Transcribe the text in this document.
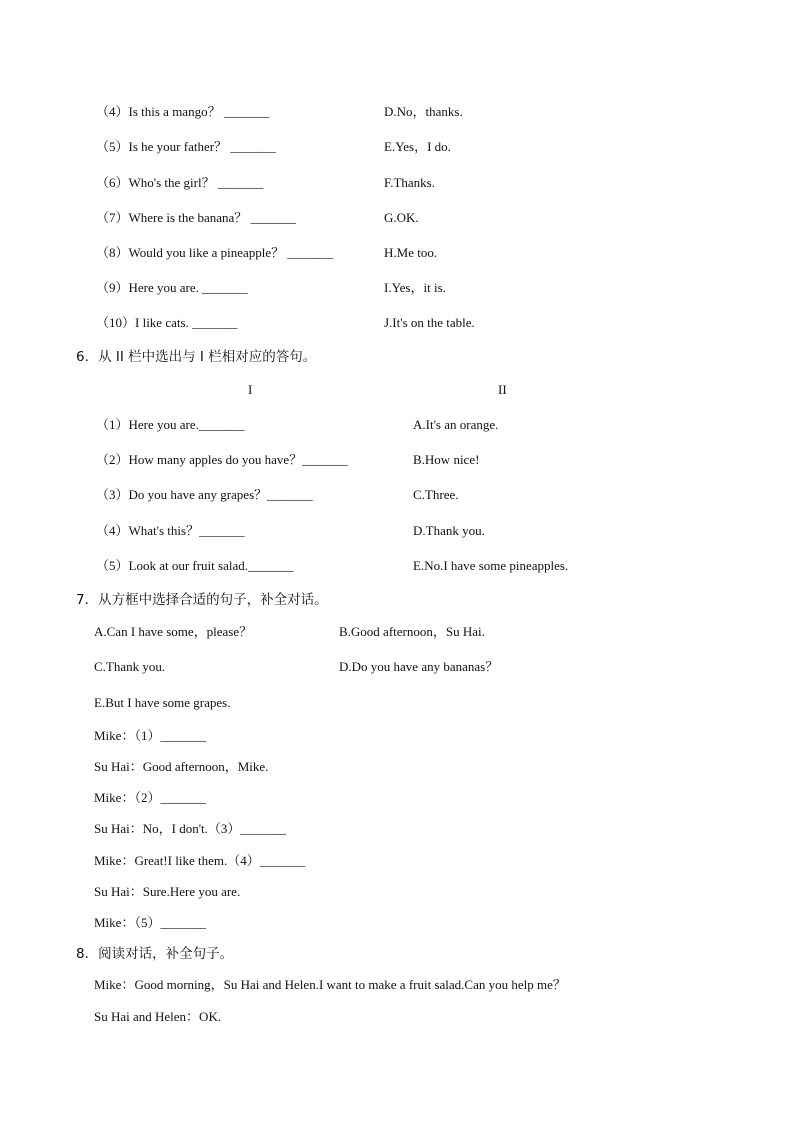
（4）Is this a mango？ _______	D.No，thanks.
（5）Is he your father？ _______	E.Yes，I do.
（6）Who's the girl？ _______	F.Thanks.
（7）Where is the banana？ _______	G.OK.
（8）Would you like a pineapple？ _______	H.Me too.
（9）Here you are. _______	I.Yes，it is.
（10）I like cats. _______	J.It's on the table.
6．从 II 栏中选出与 I 栏相对应的答句。
I	II
（1）Here you are._______	A.It's an orange.
（2）How many apples do you have？_______	B.How nice!
（3）Do you have any grapes？_______	C.Three.
（4）What's this？_______	D.Thank you.
（5）Look at our fruit salad._______	E.No.I have some pineapples.
7．从方框中选择合适的句子，补全对话。
A.Can I have some，please？	B.Good afternoon，Su Hai.
C.Thank you.	D.Do you have any bananas？
E.But I have some grapes.
Mike：（1）_______
Su Hai：Good afternoon，Mike.
Mike：（2）_______
Su Hai：No，I don't.（3）_______
Mike：Great!I like them.（4）_______
Su Hai：Sure.Here you are.
Mike：（5）_______
8．阅读对话，补全句子。
Mike：Good morning，Su Hai and Helen.I want to make a fruit salad.Can you help me？
Su Hai and Helen：OK.
